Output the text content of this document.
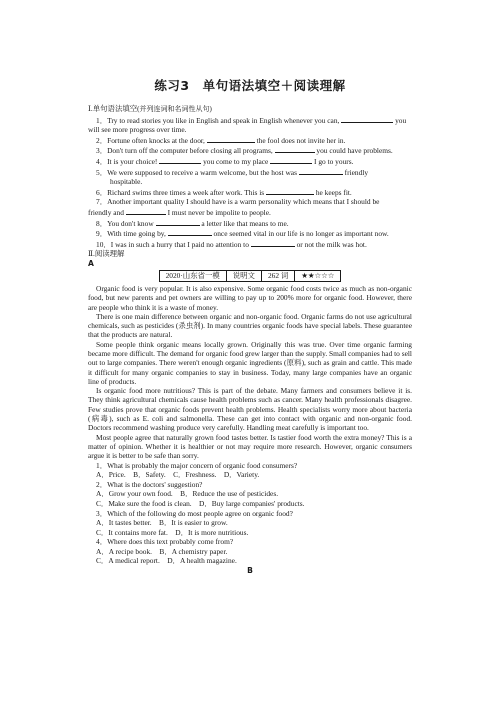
练习3　单句语法填空＋阅读理解

Ⅰ.单句语法填空(并列连词和名词性从句)

1．Try to read stories you like in English and speak in English whenever you can,	you

will see more progress over time.

2．Fortune often knocks at the door,	the fool does not invite her in.

3．Don't turn off the computer before closing all programs,	you could have problems.

4．It is your choice!	you come to my place	I go to yours.

5．We were supposed to receive a warm welcome, but the host was	friendly

hospitable.

6．Richard swims three times a week after work. This is	he keeps fit.

7．Another important quality I should have is a warm personality which means that I should be

friendly and	I must never be impolite to people.

8．You don't know	a letter like that means to me.

9．With time going by,	once seemed vital in our life is no longer as important now.

10．I was in such a hurry that I paid no attention to	or not the milk was hot.

Ⅱ.阅读理解

A

2020·山东省一模	说明文	262 词	★★☆☆☆

Organic food is very popular. It is also expensive. Some organic food costs twice as much as non-organic food, but new parents and pet owners are willing to pay up to 200% more for organic food. However, there are people who think it is a waste of money.

There is one main difference between organic and non-organic food. Organic farms do not use agricultural chemicals, such as pesticides (杀虫剂). In many countries organic foods have special labels. These guarantee that the products are natural.

Some people think organic means locally grown. Originally this was true. Over time organic farming became more difficult. The demand for organic food grew larger than the supply. Small companies had to sell out to large companies. There weren't enough organic ingredients (原料), such as grain and cattle. This made it difficult for many organic companies to stay in business. Today, many large companies have an organic line of products.

Is organic food more nutritious? This is part of the debate. Many farmers and consumers believe it is. They think agricultural chemicals cause health problems such as cancer. Many health professionals disagree. Few studies prove that organic foods prevent health problems. Health specialists worry more about bacteria (病毒), such as E. coli and salmonella. These can get into contact with organic and non-organic food. Doctors recommend washing produce very carefully. Handling meat carefully is important too.

Most people agree that naturally grown food tastes better. Is tastier food worth the extra money? This is a matter of opinion. Whether it is healthier or not may require more research. However, organic consumers argue it is better to be safe than sorry.

1．What is probably the major concern of organic food consumers?

A．Price.　B．Safety.　C．Freshness.　D．Variety.

2．What is the doctors' suggestion?

A．Grow your own food.　B．Reduce the use of pesticides.

C．Make sure the food is clean.　D．Buy large companies' products.

3．Which of the following do most people agree on organic food?

A．It tastes better.　B．It is easier to grow.

C．It contains more fat.　D．It is more nutritious.

4．Where does this text probably come from?

A．A recipe book.　B．A chemistry paper.

C．A medical report.　D．A health magazine.

B
